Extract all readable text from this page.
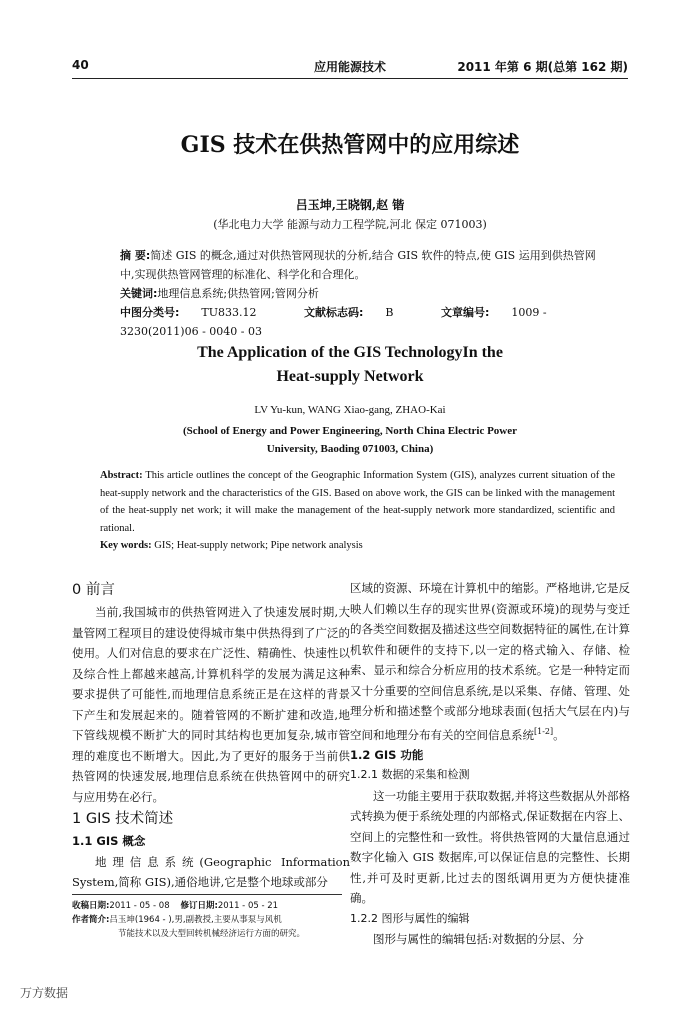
40	应用能源技术	2011 年第 6 期(总第 162 期)
GIS 技术在供热管网中的应用综述
吕玉坤,王晓钢,赵 锴
(华北电力大学 能源与动力工程学院,河北 保定 071003)
摘 要:简述 GIS 的概念,通过对供热管网现状的分析,结合 GIS 软件的特点,使 GIS 运用到供热管网中,实现供热管网管理的标准化、科学化和合理化。
关键词:地理信息系统;供热管网;管网分析
中图分类号: TU833.12	文献标志码: B	文章编号: 1009 - 3230(2011)06 - 0040 - 03
The Application of the GIS TechnologyIn the
Heat-supply Network
LV Yu-kun, WANG Xiao-gang, ZHAO-Kai
(School of Energy and Power Engineering, North China Electric Power
University, Baoding 071003, China)
Abstract: This article outlines the concept of the Geographic Information System (GIS), analyzes current situation of the heat-supply network and the characteristics of the GIS. Based on above work, the GIS can be linked with the management of the heat-supply net work; it will make the management of the heat-supply network more standardized, scientific and rational.
Key words: GIS; Heat-supply network; Pipe network analysis
0 前言

当前,我国城市的供热管网进入了快速发展时期,大量管网工程项目的建设使得城市集中供热得到了广泛的使用。人们对信息的要求在广泛性、精确性、快速性以及综合性上都越来越高,计算机科学的发展为满足这种要求提供了可能性,而地理信息系统正是在这样的背景下产生和发展起来的。随着管网的不断扩建和改造,地下管线规模不断扩大的同时其结构也更加复杂,城市管理的难度也不断增大。因此,为了更好的服务于当前供热管网的快速发展,地理信息系统在供热管网中的研究与应用势在必行。

1 GIS 技术简述
1.1 GIS 概念

地理信息系统(Geographic Information System,简称 GIS),通俗地讲,它是整个地球或部分

区域的资源、环境在计算机中的缩影。严格地讲,它是反映人们赖以生存的现实世界(资源或环境)的现势与变迁的各类空间数据及描述这些空间数据特征的属性,在计算机软件和硬件的支持下,以一定的格式输入、存储、检索、显示和综合分析应用的技术系统。它是一种特定而又十分重要的空间信息系统,是以采集、存储、管理、处理分析和描述整个或部分地球表面(包括大气层在内)与空间和地理分布有关的空间信息系统[1-2]。

1.2 GIS 功能
1.2.1 数据的采集和检测

这一功能主要用于获取数据,并将这些数据从外部格式转换为便于系统处理的内部格式,保证数据在内容上、空间上的完整性和一致性。将供热管网的大量信息通过数字化输入 GIS 数据库,可以保证信息的完整性、长期性,并可及时更新,比过去的图纸调用更为方便快捷准确。

1.2.2 图形与属性的编辑

图形与属性的编辑包括:对数据的分层、分

收稿日期:2011 - 05 - 08 修订日期:2011 - 05 - 21
作者简介:吕玉坤(1964 - ),男,副教授,主要从事泵与风机
节能技术以及大型回转机械经济运行方面的研究。
万方数据
